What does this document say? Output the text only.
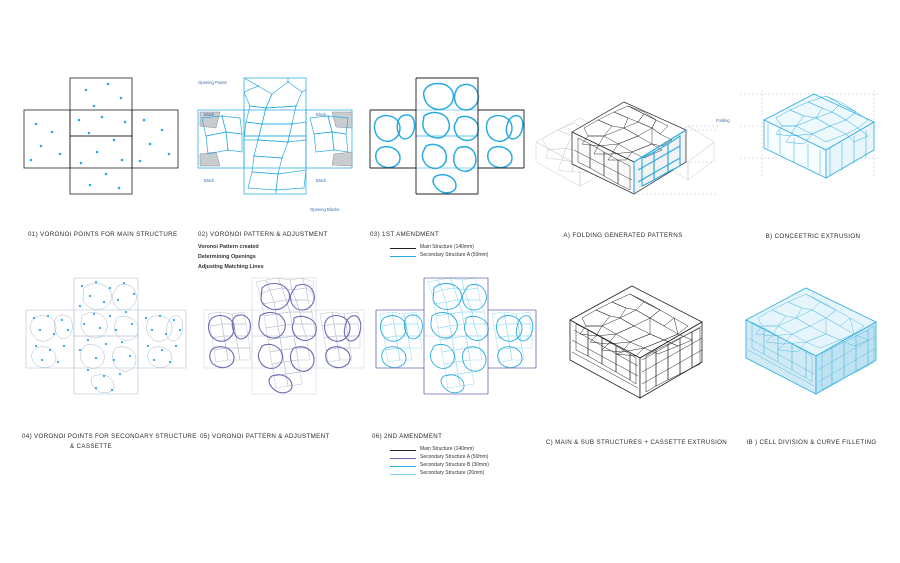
01) VORONOI POINTS FOR MAIN STRUCTURE
Opening Points
Block	Block
Block	Block
Opening Blocks
02) VORONOI PATTERN & ADJUSTMENT
Voronoi Pattern created
Determining Openings
Adjusting Matching Lines
03) 1ST AMENDMENT
Main Structure (140mm)
Secondary Structure A (50mm)
Folding
A) FOLDING GENERATED PATTERNS	B) CONCEETRIC EXTRUSION
04) VORONOI POINTS FOR SECONDARY STRUCTURE
& CASSETTE
05) VORONOI PATTERN & ADJUSTMENT	06) 2ND AMENDMENT
Main Structure (140mm)
Secondary Structure A (50mm)
Secondary Structure B (30mm)
Secondary Structure (20mm)
C) MAIN & SUB STRUCTURES + CASSETTE EXTRUSION	ΙB ) CELL DIVISION & CURVE FILLETING
